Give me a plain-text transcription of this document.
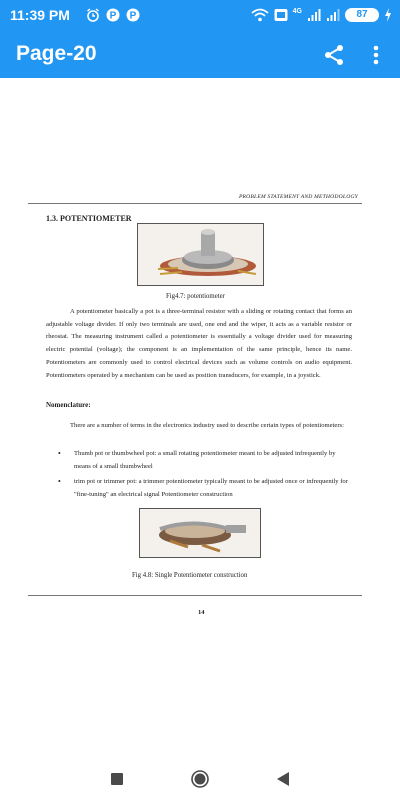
11:39 PM	P P	4G	87
Page-20
PROBLEM STATEMENT AND METHODOLOGY
1.3. POTENTIOMETER
Fig4.7: potentiometer

A potentiometer basically a pot is a three-terminal resistor with a sliding or rotating contact that forms an adjustable voltage divider. If only two terminals are used, one end and the wiper, it acts as a variable resistor or rheostat. The measuring instrument called a potentiometer is essentially a voltage divider used for measuring electric potential (voltage); the component is an implementation of the same principle, hence its name. Potentiometers are commonly used to control electrical devices such as volume controls on audio equipment. Potentiometers operated by a mechanism can be used as position transducers, for example, in a joystick.

Nomenclature:

There are a number of terms in the electronics industry used to describe certain types of potentiometers:

• Thumb pot or thumbwheel pot: a small rotating potentiometer meant to be adjusted infrequently by means of a small thumbwheel
• trim pot or trimmer pot: a trimmer potentiometer typically meant to be adjusted once or infrequently for "fine-tuning" an electrical signal Potentiometer construction
Fig 4.8: Single Potentiometer construction
14
